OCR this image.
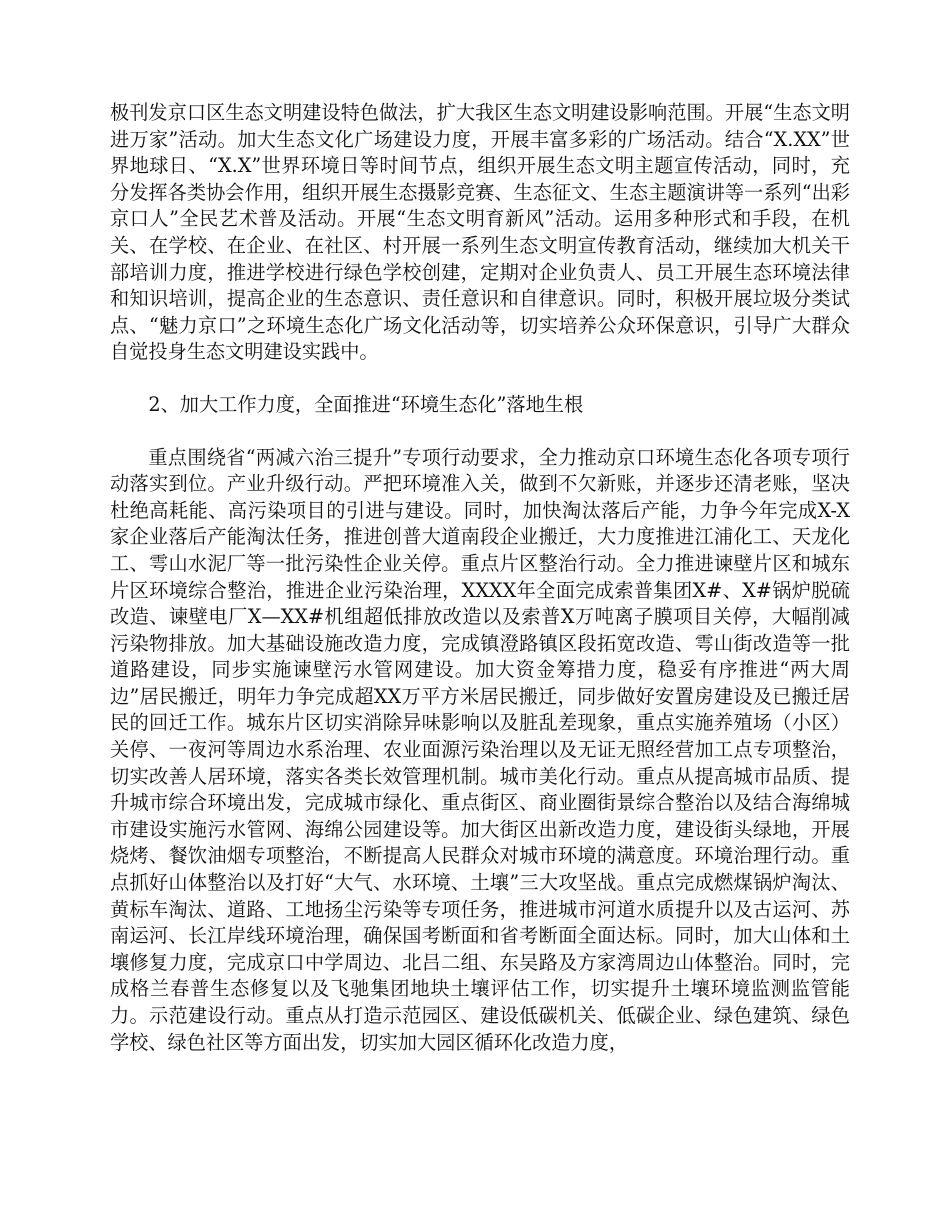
极刊发京口区生态文明建设特色做法，扩大我区生态文明建设影响范围。开展“生态文明进万家”活动。加大生态文化广场建设力度，开展丰富多彩的广场活动。结合“X.XX”世界地球日、“X.X”世界环境日等时间节点，组织开展生态文明主题宣传活动，同时，充分发挥各类协会作用，组织开展生态摄影竞赛、生态征文、生态主题演讲等一系列“出彩京口人”全民艺术普及活动。开展“生态文明育新风”活动。运用多种形式和手段，在机关、在学校、在企业、在社区、村开展一系列生态文明宣传教育活动，继续加大机关干部培训力度，推进学校进行绿色学校创建，定期对企业负责人、员工开展生态环境法律和知识培训，提高企业的生态意识、责任意识和自律意识。同时，积极开展垃圾分类试点、“魅力京口”之环境生态化广场文化活动等，切实培养公众环保意识，引导广大群众自觉投身生态文明建设实践中。

2、加大工作力度，全面推进“环境生态化”落地生根

重点围绕省“两减六治三提升”专项行动要求，全力推动京口环境生态化各项专项行动落实到位。产业升级行动。严把环境准入关，做到不欠新账，并逐步还清老账，坚决杜绝高耗能、高污染项目的引进与建设。同时，加快淘汰落后产能，力争今年完成X-X家企业落后产能淘汰任务，推进创普大道南段企业搬迁，大力度推进江浦化工、天龙化工、雩山水泥厂等一批污染性企业关停。重点片区整治行动。全力推进谏壁片区和城东片区环境综合整治，推进企业污染治理，XXXX年全面完成索普集团X#、X#锅炉脱硫改造、谏壁电厂X—XX#机组超低排放改造以及索普X万吨离子膜项目关停，大幅削减污染物排放。加大基础设施改造力度，完成镇澄路镇区段拓宽改造、雩山街改造等一批道路建设，同步实施谏壁污水管网建设。加大资金筹措力度，稳妥有序推进“两大周边”居民搬迁，明年力争完成超XX万平方米居民搬迁，同步做好安置房建设及已搬迁居民的回迁工作。城东片区切实消除异味影响以及脏乱差现象，重点实施养殖场（小区）关停、一夜河等周边水系治理、农业面源污染治理以及无证无照经营加工点专项整治，切实改善人居环境，落实各类长效管理机制。城市美化行动。重点从提高城市品质、提升城市综合环境出发，完成城市绿化、重点街区、商业圈街景综合整治以及结合海绵城市建设实施污水管网、海绵公园建设等。加大街区出新改造力度，建设街头绿地，开展烧烤、餐饮油烟专项整治，不断提高人民群众对城市环境的满意度。环境治理行动。重点抓好山体整治以及打好“大气、水环境、土壤”三大攻坚战。重点完成燃煤锅炉淘汰、黄标车淘汰、道路、工地扬尘污染等专项任务，推进城市河道水质提升以及古运河、苏南运河、长江岸线环境治理，确保国考断面和省考断面全面达标。同时，加大山体和土壤修复力度，完成京口中学周边、北吕二组、东吴路及方家湾周边山体整治。同时，完成格兰春普生态修复以及飞驰集团地块土壤评估工作，切实提升土壤环境监测监管能力。示范建设行动。重点从打造示范园区、建设低碳机关、低碳企业、绿色建筑、绿色学校、绿色社区等方面出发，切实加大园区循环化改造力度，
